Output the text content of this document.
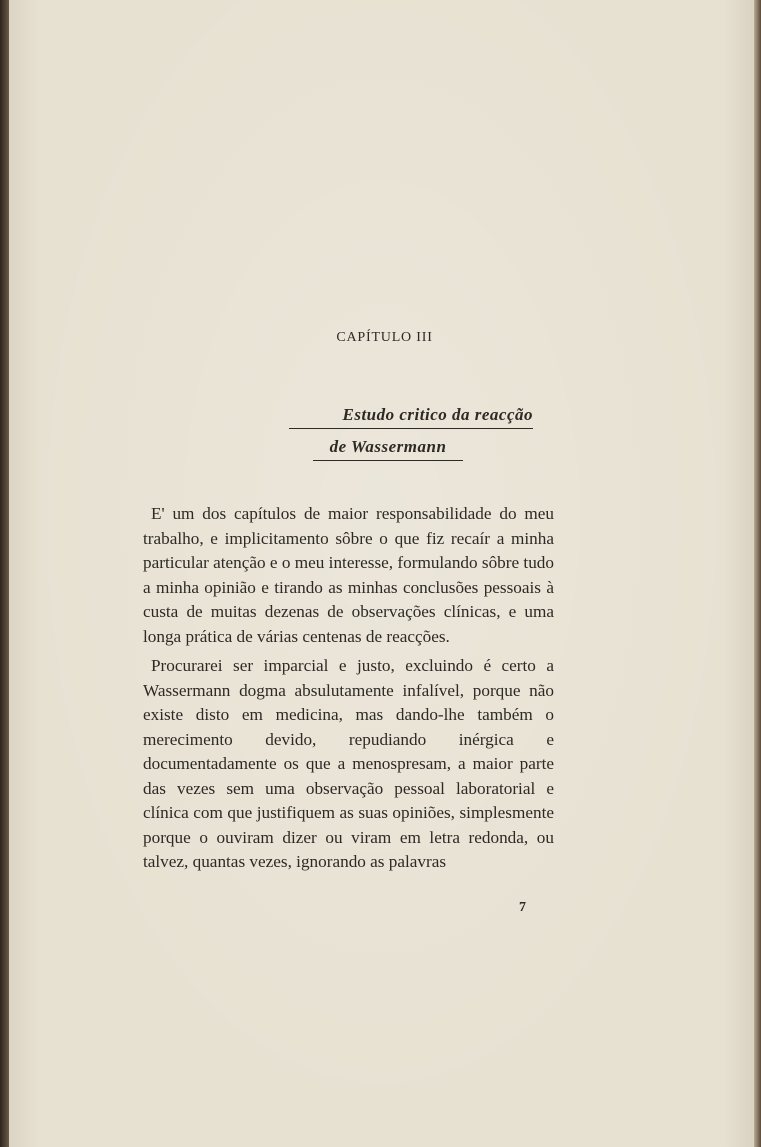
CAPÍTULO III
Estudo critico da reacção
de Wassermann

E' um dos capítulos de maior responsabilidade do meu trabalho, e implicitamento sôbre o que fiz recaír a minha particular atenção e o meu interesse, formulando sôbre tudo a minha opinião e tirando as minhas conclusões pessoais à custa de muitas dezenas de observações clínicas, e uma longa prática de várias centenas de reacções.

Procurarei ser imparcial e justo, excluindo é certo a Wassermann dogma absulutamente infalível, porque não existe disto em medicina, mas dando-lhe também o merecimento devido, repudiando inérgica e documentadamente os que a menospresam, a maior parte das vezes sem uma observação pessoal laboratorial e clínica com que justifiquem as suas opiniões, simplesmente porque o ouviram dizer ou viram em letra redonda, ou talvez, quantas vezes, ignorando as palavras

7
